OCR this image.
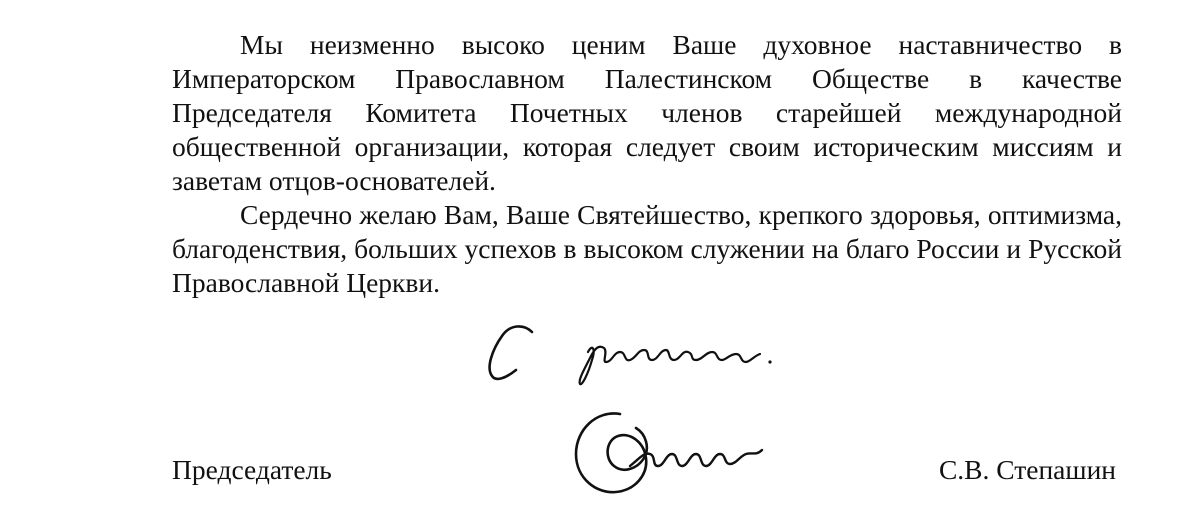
Мы неизменно высоко ценим Ваше духовное наставничество в Императорском Православном Палестинском Обществе в качестве Председателя Комитета Почетных членов старейшей международной общественной организации, которая следует своим историческим миссиям и заветам отцов-основателей.

Сердечно желаю Вам, Ваше Святейшество, крепкого здоровья, оптимизма, благоденствия, больших успехов в высоком служении на благо России и Русской Православной Церкви.

Председатель	С.В. Степашин
